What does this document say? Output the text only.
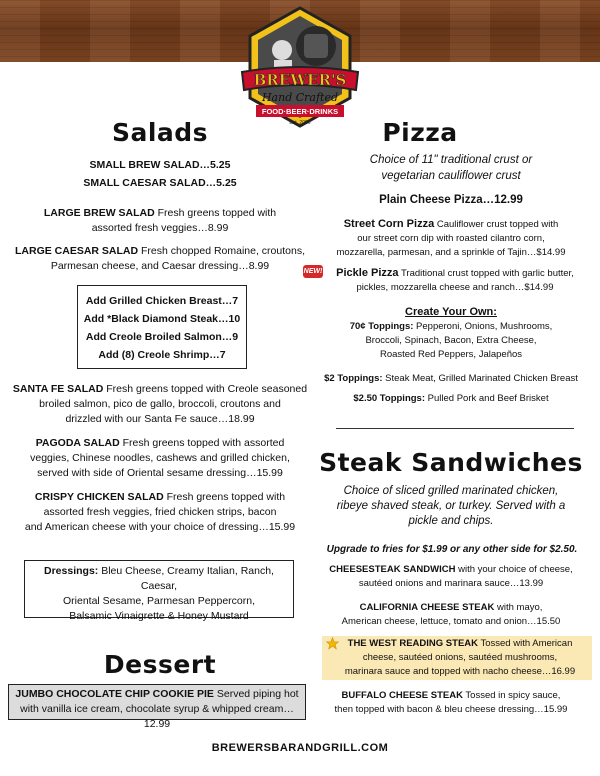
BREWER'S
Hand Crafted
FOOD·BEER·DRINKS
Est. 2006
Salads
SMALL BREW SALAD…5.25
SMALL CAESAR SALAD…5.25
LARGE BREW SALAD Fresh greens topped with
assorted fresh veggies…8.99
LARGE CAESAR SALAD Fresh chopped Romaine, croutons,
Parmesan cheese, and Caesar dressing…8.99
Add Grilled Chicken Breast…7
Add *Black Diamond Steak…10
Add Creole Broiled Salmon…9
Add (8) Creole Shrimp…7
SANTA FE SALAD Fresh greens topped with Creole seasoned
broiled salmon, pico de gallo, broccoli, croutons and
drizzled with our Santa Fe sauce…18.99
PAGODA SALAD Fresh greens topped with assorted
veggies, Chinese noodles, cashews and grilled chicken,
served with side of Oriental sesame dressing…15.99
CRISPY CHICKEN SALAD Fresh greens topped with
assorted fresh veggies, fried chicken strips, bacon
and American cheese with your choice of dressing…15.99
Dressings: Bleu Cheese, Creamy Italian, Ranch, Caesar,
Oriental Sesame, Parmesan Peppercorn,
Balsamic Vinaigrette & Honey Mustard
Dessert
JUMBO CHOCOLATE CHIP COOKIE PIE Served piping hot
with vanilla ice cream, chocolate syrup & whipped cream…12.99
Pizza
Choice of 11" traditional crust or
vegetarian cauliflower crust
Plain Cheese Pizza…12.99
Street Corn Pizza Cauliflower crust topped with
our street corn dip with roasted cilantro corn,
mozzarella, parmesan, and a sprinkle of Tajin…$14.99
NEW!	Pickle Pizza Traditional crust topped with garlic butter,
pickles, mozzarella cheese and ranch…$14.99
Create Your Own:
70¢ Toppings: Pepperoni, Onions, Mushrooms,
Broccoli, Spinach, Bacon, Extra Cheese,
Roasted Red Peppers, Jalapeños
$2 Toppings: Steak Meat, Grilled Marinated Chicken Breast
$2.50 Toppings: Pulled Pork and Beef Brisket
Steak Sandwiches
Choice of sliced grilled marinated chicken,
ribeye shaved steak, or turkey. Served with a
pickle and chips.
Upgrade to fries for $1.99 or any other side for $2.50.
CHEESESTEAK SANDWICH with your choice of cheese,
sautéed onions and marinara sauce…13.99
CALIFORNIA CHEESE STEAK with mayo,
American cheese, lettuce, tomato and onion…15.50
THE WEST READING STEAK Tossed with American
cheese, sautéed onions, sautéed mushrooms,
marinara sauce and topped with nacho cheese…16.99
BUFFALO CHEESE STEAK Tossed in spicy sauce,
then topped with bacon & bleu cheese dressing…15.99
BREWERSBARANDGRILL.COM
